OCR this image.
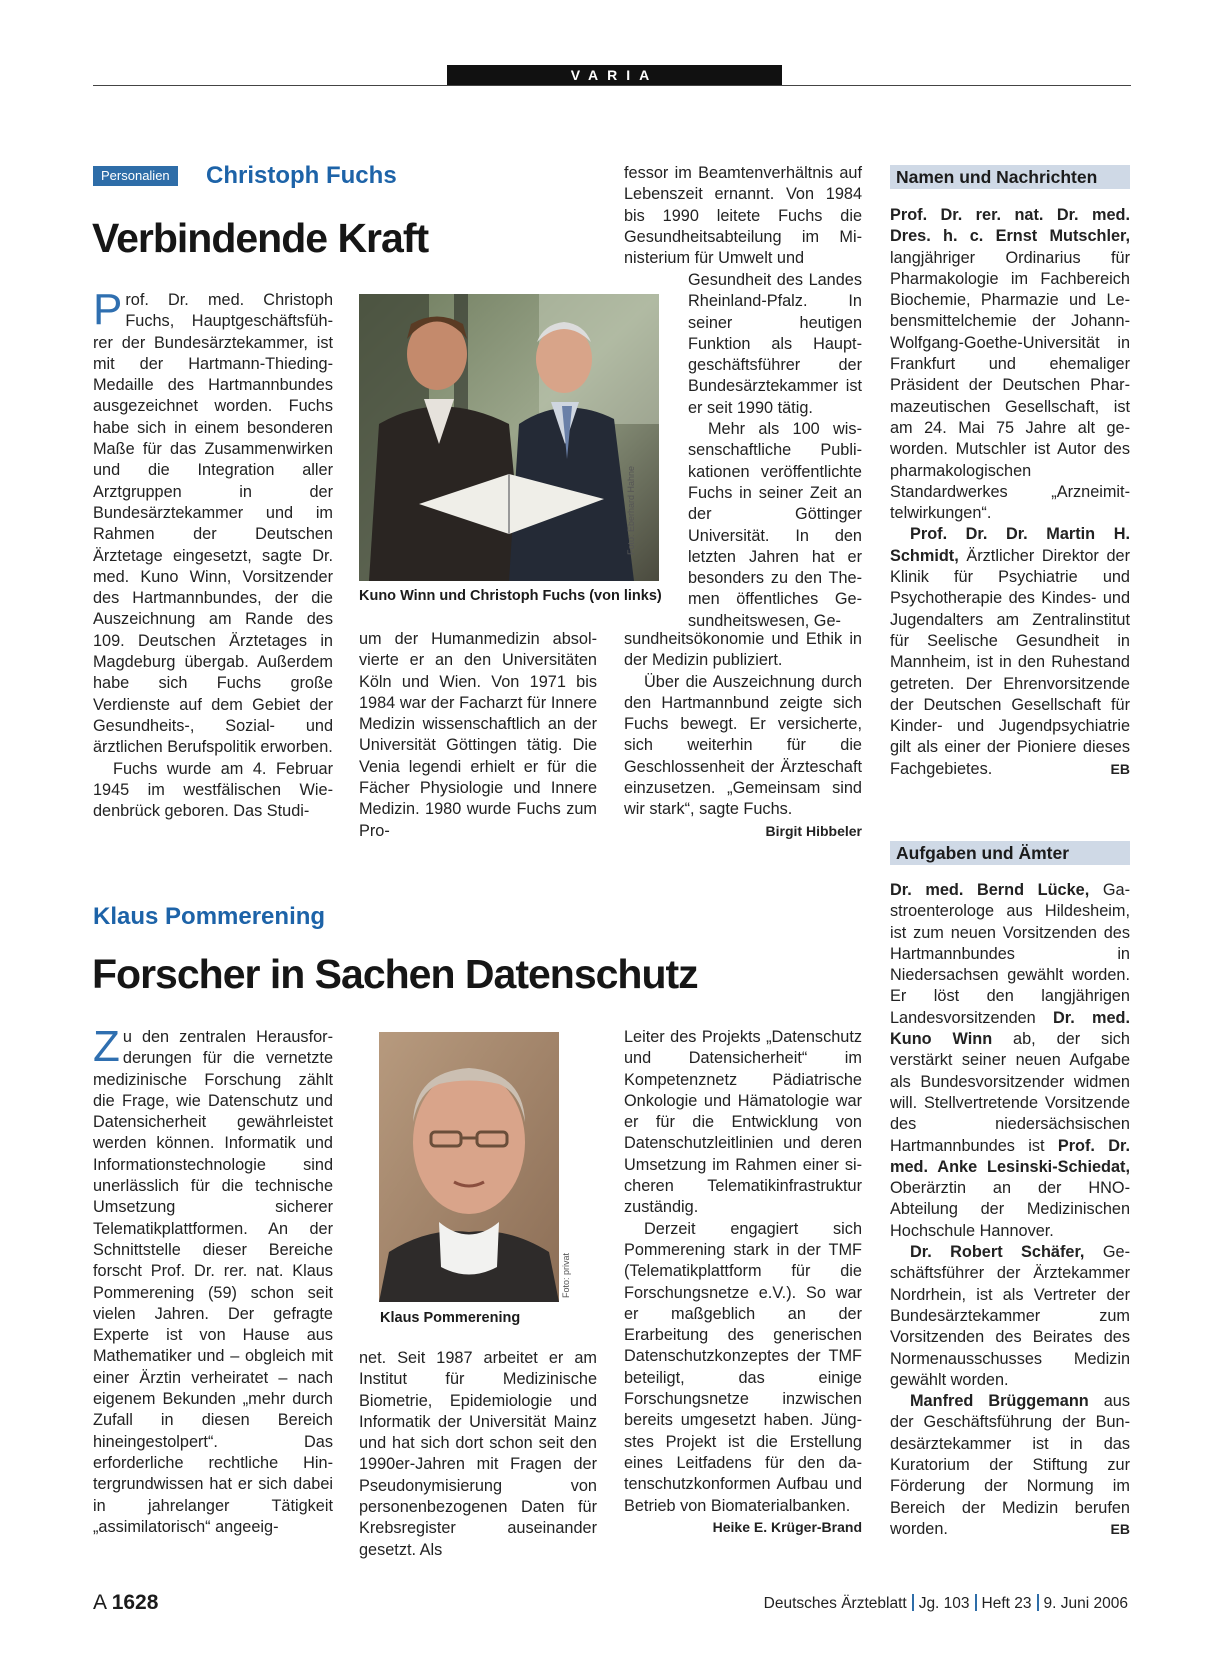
VARIA
Personalien	Christoph Fuchs
Verbindende Kraft

Prof. Dr. med. Christoph Fuchs, Hauptgeschäftsführer der Bundesärztekammer, ist mit der Hartmann-Thieding-Medaille des Hartmannbundes ausgezeichnet worden. Fuchs habe sich in einem besonderen Maße für das Zusammenwirken und die Integration aller Arztgruppen in der Bundesärztekammer und im Rahmen der Deutschen Ärztetage eingesetzt, sagte Dr. med. Kuno Winn, Vorsitzender des Hartmannbundes, der die Auszeichnung am Rande des 109. Deutschen Ärztetages in Magdeburg übergab. Außerdem habe sich Fuchs große Verdienste auf dem Gebiet der Gesundheits-, Sozial- und ärztlichen Berufspolitik erworben.

Fuchs wurde am 4. Februar 1945 im westfälischen Wiedenbrück geboren. Das Studi-

Foto: Eberhard Hahne
Kuno Winn und Christoph Fuchs (von links)

um der Humanmedizin absolvierte er an den Universitäten Köln und Wien. Von 1971 bis 1984 war der Facharzt für Innere Medizin wissenschaftlich an der Universität Göttingen tätig. Die Venia legendi erhielt er für die Fächer Physiologie und Innere Medizin. 1980 wurde Fuchs zum Pro-

fessor im Beamtenverhältnis auf Lebenszeit ernannt. Von 1984 bis 1990 leitete Fuchs die Gesundheitsabteilung im Ministerium für Umwelt und

Gesundheit des Landes Rheinland-Pfalz. In seiner heutigen Funktion als Hauptgeschäftsführer der Bundesärztekammer ist er seit 1990 tätig.

Mehr als 100 wissenschaftliche Publikationen veröffentlichte Fuchs in seiner Zeit an der Göttinger Universität. In den letzten Jahren hat er besonders zu den Themen öffentliches Gesundheitswesen, Ge-

sundheitsökonomie und Ethik in der Medizin publiziert.

Über die Auszeichnung durch den Hartmannbund zeigte sich Fuchs bewegt. Er versicherte, sich weiterhin für die Geschlossenheit der Ärzteschaft einzusetzen. „Gemeinsam sind wir stark“, sagte Fuchs.
Birgit Hibbeler

Klaus Pommerening
Forscher in Sachen Datenschutz

Zu den zentralen Herausforderungen für die vernetzte medizinische Forschung zählt die Frage, wie Datenschutz und Datensicherheit gewährleistet werden können. Informatik und Informationstechnologie sind unerlässlich für die technische Umsetzung sicherer Telematikplattformen. An der Schnittstelle dieser Bereiche forscht Prof. Dr. rer. nat. Klaus Pommerening (59) schon seit vielen Jahren. Der gefragte Experte ist von Hause aus Mathematiker und – obgleich mit einer Ärztin verheiratet – nach eigenem Bekunden „mehr durch Zufall in diesen Bereich hineingestolpert“. Das erforderliche rechtliche Hintergrundwissen hat er sich dabei in jahrelanger Tätigkeit „assimilatorisch“ angeeig-

Foto: privat
Klaus Pommerening

net. Seit 1987 arbeitet er am Institut für Medizinische Biometrie, Epidemiologie und Informatik der Universität Mainz und hat sich dort schon seit den 1990er-Jahren mit Fragen der Pseudonymisierung von personenbezogenen Daten für Krebsregister auseinander gesetzt. Als

Leiter des Projekts „Datenschutz und Datensicherheit“ im Kompetenznetz Pädiatrische Onkologie und Hämatologie war er für die Entwicklung von Datenschutzleitlinien und deren Umsetzung im Rahmen einer sicheren Telematikinfrastruktur zuständig.

Derzeit engagiert sich Pommerening stark in der TMF (Telematikplattform für die Forschungsnetze e.V.). So war er maßgeblich an der Erarbeitung des generischen Datenschutzkonzeptes der TMF beteiligt, das einige Forschungsnetze inzwischen bereits umgesetzt haben. Jüngstes Projekt ist die Erstellung eines Leitfadens für den datenschutzkonformen Aufbau und Betrieb von Biomaterialbanken.
Heike E. Krüger-Brand

Namen und Nachrichten

Prof. Dr. rer. nat. Dr. med. Dres. h. c. Ernst Mutschler, langjähriger Ordinarius für Pharmakologie im Fachbereich Biochemie, Pharmazie und Lebensmittelchemie der Johann-Wolfgang-Goethe-Universität in Frankfurt und ehemaliger Präsident der Deutschen Pharmazeutischen Gesellschaft, ist am 24. Mai 75 Jahre alt geworden. Mutschler ist Autor des pharmakologischen Standardwerkes „Arzneimittelwirkungen“.

Prof. Dr. Dr. Martin H. Schmidt, Ärztlicher Direktor der Klinik für Psychiatrie und Psychotherapie des Kindes- und Jugendalters am Zentralinstitut für Seelische Gesundheit in Mannheim, ist in den Ruhestand getreten. Der Ehrenvorsitzende der Deutschen Gesellschaft für Kinder- und Jugendpsychiatrie gilt als einer der Pioniere dieses Fachgebietes.	EB

Aufgaben und Ämter

Dr. med. Bernd Lücke, Gastroenterologe aus Hildesheim, ist zum neuen Vorsitzenden des Hartmannbundes in Niedersachsen gewählt worden. Er löst den langjährigen Landesvorsitzenden Dr. med. Kuno Winn ab, der sich verstärkt seiner neuen Aufgabe als Bundesvorsitzender widmen will. Stellvertretende Vorsitzende des niedersächsischen Hartmannbundes ist Prof. Dr. med. Anke Lesinski-Schiedat, Oberärztin an der HNO-Abteilung der Medizinischen Hochschule Hannover.

Dr. Robert Schäfer, Geschäftsführer der Ärztekammer Nordrhein, ist als Vertreter der Bundesärztekammer zum Vorsitzenden des Beirates des Normenausschusses Medizin gewählt worden.

Manfred Brüggemann aus der Geschäftsführung der Bundesärztekammer ist in das Kuratorium der Stiftung zur Förderung der Normung im Bereich der Medizin berufen worden.	EB

A 1628	Deutsches Ärzteblatt Jg. 103 Heft 23 9. Juni 2006
